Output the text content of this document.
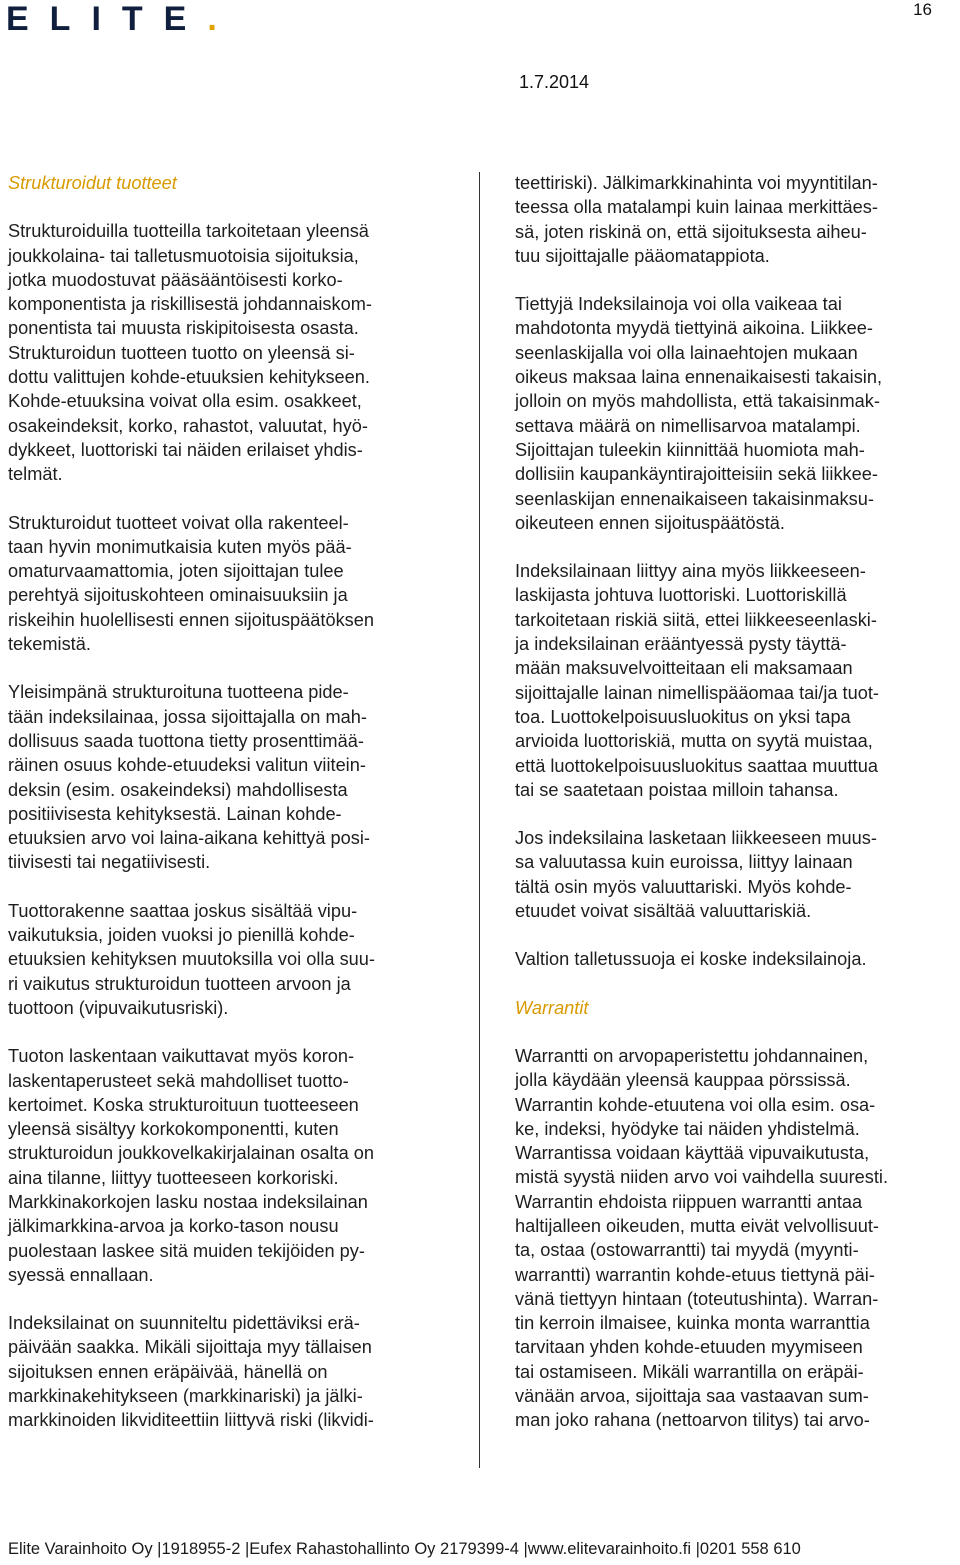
ELITE.	16
1.7.2014
Strukturoidut tuotteet
Strukturoiduilla tuotteilla tarkoitetaan yleensä
joukkolaina- tai talletusmuotoisia sijoituksia,
jotka muodostuvat pääsääntöisesti korko-
komponentista ja riskillisestä johdannaiskom-
ponentista tai muusta riskipitoisesta osasta.
Strukturoidun tuotteen tuotto on yleensä si-
dottu valittujen kohde-etuuksien kehitykseen.
Kohde-etuuksina voivat olla esim. osakkeet,
osakeindeksit, korko, rahastot, valuutat, hyö-
dykkeet, luottoriski tai näiden erilaiset yhdis-
telmät.
Strukturoidut tuotteet voivat olla rakenteel-
taan hyvin monimutkaisia kuten myös pää-
omaturvaamattomia, joten sijoittajan tulee
perehtyä sijoituskohteen ominaisuuksiin ja
riskeihin huolellisesti ennen sijoituspäätöksen
tekemistä.
Yleisimpänä strukturoituna tuotteena pide-
tään indeksilainaa, jossa sijoittajalla on mah-
dollisuus saada tuottona tietty prosenttimää-
räinen osuus kohde-etuudeksi valitun viitein-
deksin (esim. osakeindeksi) mahdollisesta
positiivisesta kehityksestä. Lainan kohde-
etuuksien arvo voi laina-aikana kehittyä posi-
tiivisesti tai negatiivisesti.
Tuottorakenne saattaa joskus sisältää vipu-
vaikutuksia, joiden vuoksi jo pienillä kohde-
etuuksien kehityksen muutoksilla voi olla suu-
ri vaikutus strukturoidun tuotteen arvoon ja
tuottoon (vipuvaikutusriski).
Tuoton laskentaan vaikuttavat myös koron-
laskentaperusteet sekä mahdolliset tuotto-
kertoimet. Koska strukturoituun tuotteeseen
yleensä sisältyy korkokomponentti, kuten
strukturoidun joukkovelkakirjalainan osalta on
aina tilanne, liittyy tuotteeseen korkoriski.
Markkinakorkojen lasku nostaa indeksilainan
jälkimarkkina-arvoa ja korko-tason nousu
puolestaan laskee sitä muiden tekijöiden py-
syessä ennallaan.
Indeksilainat on suunniteltu pidettäviksi erä-
päivään saakka. Mikäli sijoittaja myy tällaisen
sijoituksen ennen eräpäivää, hänellä on
markkinakehitykseen (markkinariski) ja jälki-
markkinoiden likviditeettiin liittyvä riski (likvidi-
teettiriski). Jälkimarkkinahinta voi myyntitilan-
teessa olla matalampi kuin lainaa merkittäes-
sä, joten riskinä on, että sijoituksesta aiheu-
tuu sijoittajalle pääomatappiota.
Tiettyjä Indeksilainoja voi olla vaikeaa tai
mahdotonta myydä tiettyinä aikoina. Liikkee-
seenlaskijalla voi olla lainaehtojen mukaan
oikeus maksaa laina ennenaikaisesti takaisin,
jolloin on myös mahdollista, että takaisinmak-
settava määrä on nimellisarvoa matalampi.
Sijoittajan tuleekin kiinnittää huomiota mah-
dollisiin kaupankäyntirajoitteisiin sekä liikkee-
seenlaskijan ennenaikaiseen takaisinmaksu-
oikeuteen ennen sijoituspäätöstä.
Indeksilainaan liittyy aina myös liikkeeseen-
laskijasta johtuva luottoriski. Luottoriskillä
tarkoitetaan riskiä siitä, ettei liikkeeseenlaski-
ja indeksilainan erääntyessä pysty täyttä-
mään maksuvelvoitteitaan eli maksamaan
sijoittajalle lainan nimellispääomaa tai/ja tuot-
toa. Luottokelpoisuusluokitus on yksi tapa
arvioida luottoriskiä, mutta on syytä muistaa,
että luottokelpoisuusluokitus saattaa muuttua
tai se saatetaan poistaa milloin tahansa.
Jos indeksilaina lasketaan liikkeeseen muus-
sa valuutassa kuin euroissa, liittyy lainaan
tältä osin myös valuuttariski. Myös kohde-
etuudet voivat sisältää valuuttariskiä.
Valtion talletussuoja ei koske indeksilainoja.
Warrantit
Warrantti on arvopaperistettu johdannainen,
jolla käydään yleensä kauppaa pörssissä.
Warrantin kohde-etuutena voi olla esim. osa-
ke, indeksi, hyödyke tai näiden yhdistelmä.
Warrantissa voidaan käyttää vipuvaikutusta,
mistä syystä niiden arvo voi vaihdella suuresti.
Warrantin ehdoista riippuen warrantti antaa
haltijalleen oikeuden, mutta eivät velvollisuut-
ta, ostaa (ostowarrantti) tai myydä (myynti-
warrantti) warrantin kohde-etuus tiettynä päi-
vänä tiettyyn hintaan (toteutushinta). Warran-
tin kerroin ilmaisee, kuinka monta warranttia
tarvitaan yhden kohde-etuuden myymiseen
tai ostamiseen. Mikäli warrantilla on eräpäi-
vänään arvoa, sijoittaja saa vastaavan sum-
man joko rahana (nettoarvon tilitys) tai arvo-
Elite Varainhoito Oy |1918955-2 |Eufex Rahastohallinto Oy 2179399-4 |www.elitevarainhoito.fi |0201 558 610
